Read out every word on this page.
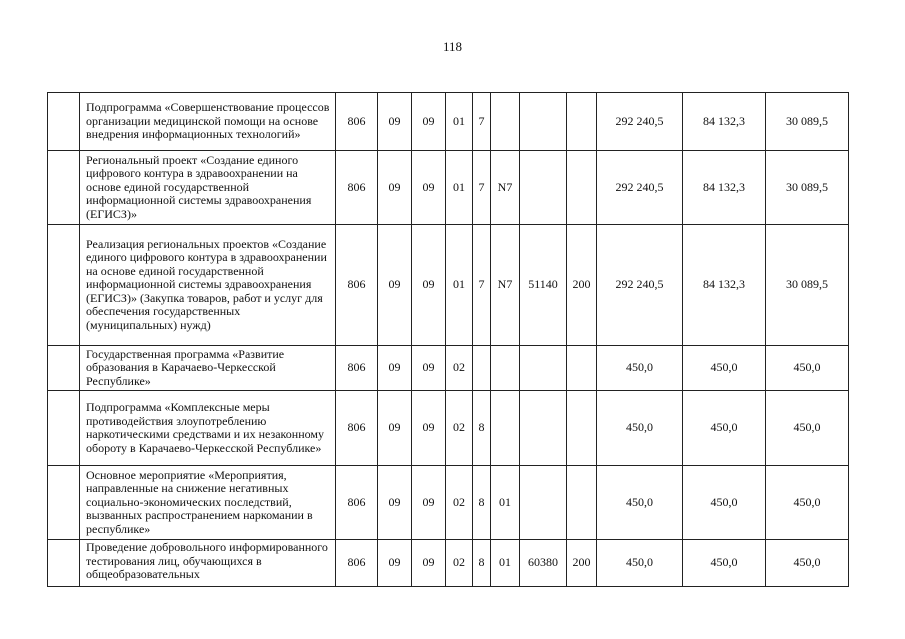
118
	Подпрограмма «Совершенствование процессов организации медицинской помощи на основе внедрения информационных технологий»	806	09	09	01	7				292 240,5	84 132,3	30 089,5
	Региональный проект «Создание единого цифрового контура в здравоохранении на основе единой государственной информационной системы здравоохранения (ЕГИСЗ)»	806	09	09	01	7	N7			292 240,5	84 132,3	30 089,5
	Реализация региональных проектов «Создание единого цифрового контура в здравоохранении на основе единой государственной информационной системы здравоохранения (ЕГИСЗ)» (Закупка товаров, работ и услуг для обеспечения государственных (муниципальных) нужд)	806	09	09	01	7	N7	51140	200	292 240,5	84 132,3	30 089,5
	Государственная программа «Развитие образования в Карачаево-Черкесской Республике»	806	09	09	02					450,0	450,0	450,0
	Подпрограмма «Комплексные меры противодействия злоупотреблению наркотическими средствами и их незаконному обороту в Карачаево-Черкесской Республике»	806	09	09	02	8				450,0	450,0	450,0
	Основное мероприятие «Мероприятия, направленные на снижение негативных социально-экономических последствий, вызванных распространением наркомании в республике»	806	09	09	02	8	01			450,0	450,0	450,0

	Проведение добровольного информированного тестирования лиц, обучающихся в общеобразовательных	806	09	09	02	8	01	60380	200	450,0	450,0	450,0
